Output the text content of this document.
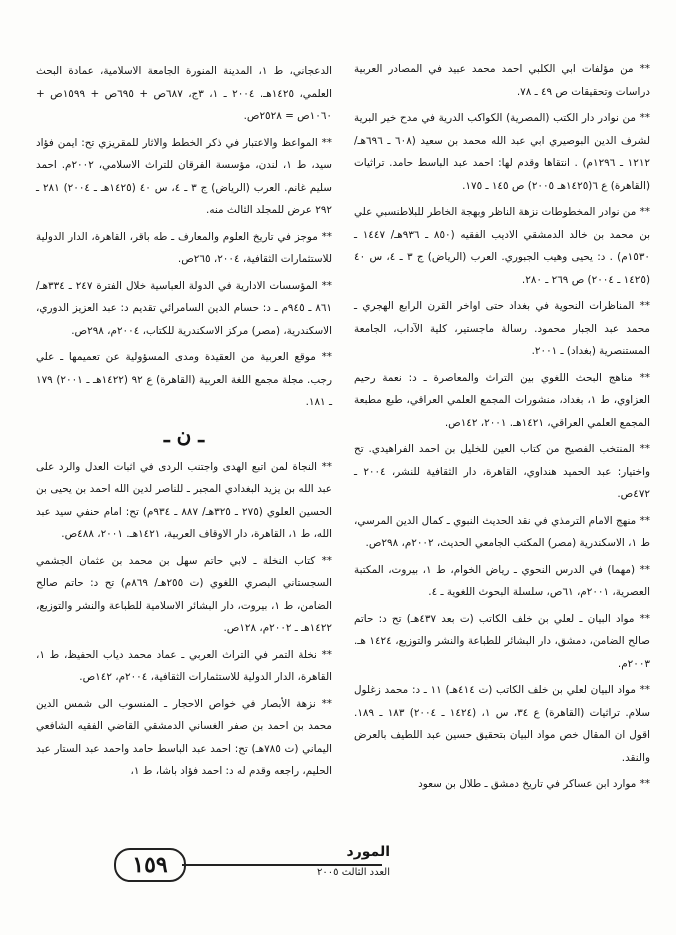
** من مؤلفات ابي الكلبي احمد محمد عبيد في المصادر العربية دراسات وتحقيقات ص ٤٩ ـ ٧٨.

** من نوادر دار الكتب (المصرية) الكواكب الدرية في مدح خير البرية لشرف الدين البوصيري ابي عبد الله محمد بن سعيد (٦٠٨ ـ ٦٩٦هـ/ ١٢١٢ ـ ١٢٩٦م) . انتقاها وقدم لها: احمد عبد الباسط حامد. تراثيات (القاهرة) ع ٦(١٤٢٥هـ ٢٠٠٥) ص ١٤٥ ـ ١٧٥.

** من نوادر المخطوطات نزهة الناظر وبهجة الخاطر للبلاطنسبي علي بن محمد بن خالد الدمشقي الاديب الفقيه (٨٥٠ ـ ٩٣٦هـ/ ١٤٤٧ ـ ١٥٣٠م) . د: يحيى وهيب الجبوري. العرب (الرياض) ج ٣ ـ ٤، س ٤٠ (١٤٢٥ ـ ٢٠٠٤) ص ٢٦٩ ـ ٢٨٠.

** المناظرات النحوية في بغداد حتى اواخر القرن الرابع الهجري ـ محمد عبد الجبار محمود. رسالة ماجستير، كلية الآداب، الجامعة المستنصرية (بغداد) ـ ٢٠٠١.

** مناهج البحث اللغوي بين التراث والمعاصرة ـ د: نعمة رحيم العزاوي، ط ١، بغداد، منشورات المجمع العلمي العراقي، طبع مطبعة المجمع العلمي العراقي، ١٤٢١هـ. ٢٠٠١، ١٤٢ص.

** المنتخب الفصيح من كتاب العين للخليل بن احمد الفراهيدي. تح واختيار: عبد الحميد هنداوي، القاهرة، دار الثقافية للنشر، ٢٠٠٤ ـ ٤٧٢ص.

** منهج الامام الترمذي في نقد الحديث النبوي ـ كمال الدين المرسي، ط ١، الاسكندرية (مصر) المكتب الجامعي الحديث، ٢٠٠٢م، ٢٩٨ص.

** (مهما) في الدرس النحوي ـ رياض الخوام، ط ١، بيروت، المكتبة العصرية، ٢٠٠١م، ٦١ص، سلسلة البحوث اللغوية ـ ٤.

** مواد البيان ـ لعلي بن خلف الكاتب (ت بعد ٤٣٧هـ) تح د: حاتم صالح الضامن، دمشق، دار البشائر للطباعة والنشر والتوزيع، ١٤٢٤ هـ. ٢٠٠٣م.

** مواد البيان لعلي بن خلف الكاتب (ت ٤١٤هـ) ١١ ـ د: محمد زغلول سلام. تراثيات (القاهرة) ع ٣٤، س ١، (١٤٢٤ ـ ٢٠٠٤) ١٨٣ ـ ١٨٩. اقول ان المقال خص مواد البيان بتحقيق حسين عبد اللطيف بالعرض والنقد.

** موارد ابن عساكر في تاريخ دمشق ـ طلال بن سعود

الدعجاني، ط ١، المدينة المنورة الجامعة الاسلامية، عمادة البحث العلمي، ١٤٢٥هـ. ٢٠٠٤ ـ ١، ٣ج، ٦٨٧ص + ٦٩٥ص + ١٥٩٩ص + ١٠٦٠ص = ٢٥٢٨ص.

** المواعظ والاعتبار في ذكر الخطط والاثار للمقريزي تح: ايمن فؤاد سيد، ط ١، لندن، مؤسسة الفرقان للتراث الاسلامي، ٢٠٠٢م. احمد سليم غانم. العرب (الرياض) ج ٣ ـ ٤، س ٤٠ (١٤٢٥هـ ـ ٢٠٠٤) ٢٨١ ـ ٢٩٢ عرض للمجلد الثالث منه.

** موجز في تاريخ العلوم والمعارف ـ طه باقر، القاهرة، الدار الدولية للاستثمارات الثقافية، ٢٠٠٤، ٢٦٥ص.

** المؤسسات الادارية في الدولة العباسية خلال الفترة ٢٤٧ ـ ٣٣٤هـ/ ٨٦١ ـ ٩٤٥م ـ د: حسام الدين السامرائي تقديم د: عبد العزيز الدوري، الاسكندرية، (مصر) مركز الاسكندرية للكتاب، ٢٠٠٤م، ٢٩٨ص.

** موقع العربية من العقيدة ومدى المسؤولية عن تعميمها ـ علي رجب. مجلة مجمع اللغة العربية (القاهرة) ع ٩٢ (١٤٢٢هـ ـ ٢٠٠١) ١٧٩ ـ ١٨١.

ـ ن ـ

** النجاة لمن اتبع الهدى واجتنب الردى في اثبات العدل والرد على عبد الله بن يزيد البغدادي المجبر ـ للناصر لدين الله احمد بن يحيى بن الحسين العلوي (٢٧٥ ـ ٣٢٥هـ/ ٨٨٧ ـ ٩٣٤م) تح: امام حنفي سيد عبد الله، ط ١، القاهرة، دار الاوقاف العربية، ١٤٢١هـ. ٢٠٠١، ٤٨٨ص.

** كتاب النخلة ـ لابي حاتم سهل بن محمد بن عثمان الجشمي السجستاني البصري اللغوي (ت ٢٥٥هـ/ ٨٦٩م) تح د: حاتم صالح الضامن، ط ١، بيروت، دار البشائر الاسلامية للطباعة والنشر والتوزيع، ١٤٢٢هـ ـ ٢٠٠٢م، ١٢٨ص.

** نخلة التمر في التراث العربي ـ عماد محمد دياب الحفيظ، ط ١، القاهرة، الدار الدولية للاستثمارات الثقافية، ٢٠٠٤م، ١٤٢ص.

** نزهة الأبصار في خواص الاحجار ـ المنسوب الى شمس الدين محمد بن احمد بن صفر الغساني الدمشقي القاضي الفقيه الشافعي اليماني (ت ٧٨٥هـ) تح: احمد عبد الباسط حامد واحمد عبد الستار عبد الحليم، راجعه وقدم له د: احمد فؤاد باشا، ط ١،

١٥٩	المورد
العدد الثالث ٢٠٠٥
